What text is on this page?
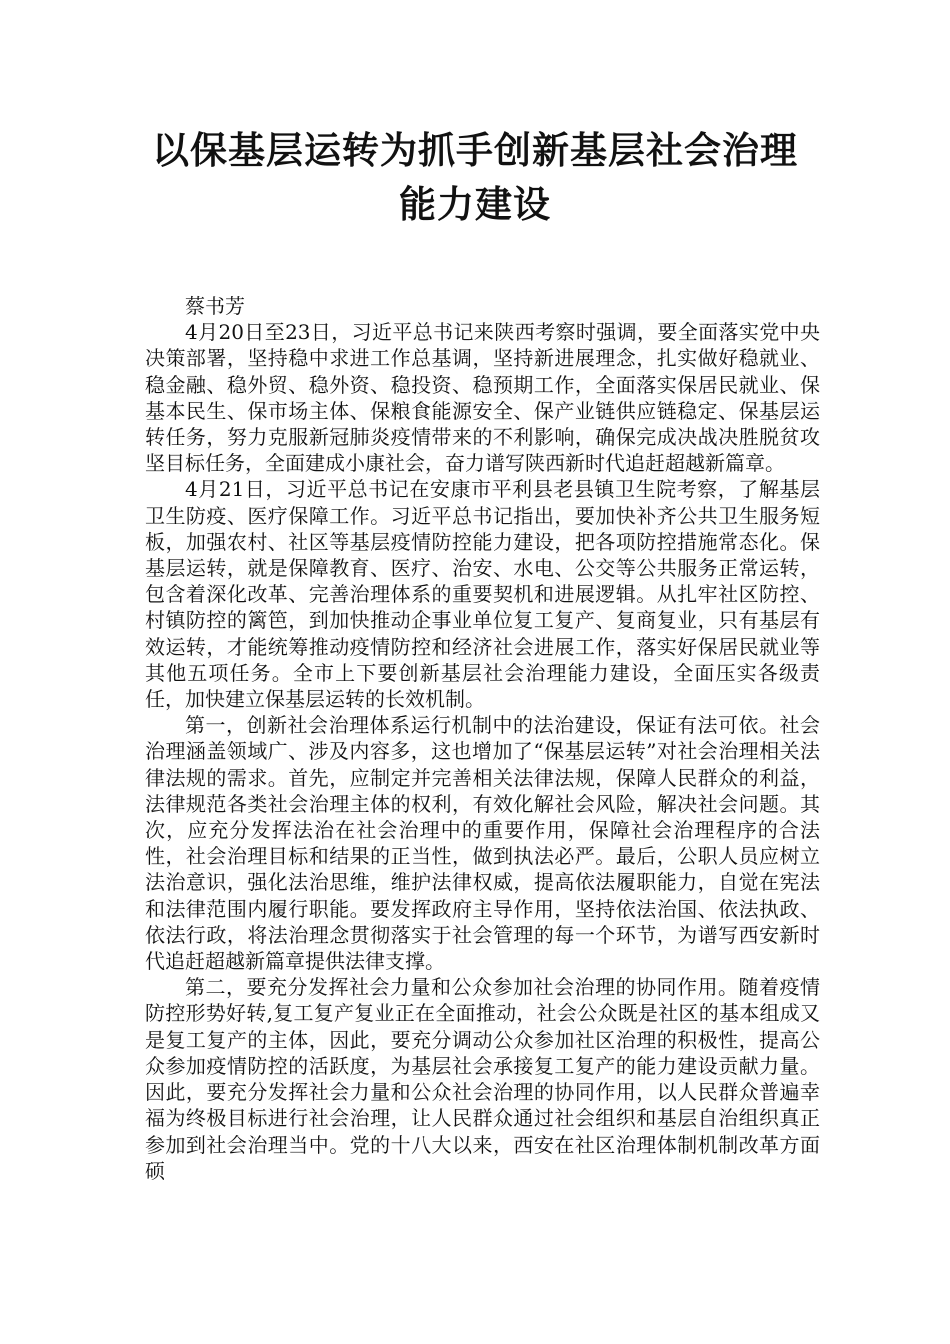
以保基层运转为抓手创新基层社会治理
能力建设

蔡书芳

4月20日至23日，习近平总书记来陕西考察时强调，要全面落实党中央决策部署，坚持稳中求进工作总基调，坚持新进展理念，扎实做好稳就业、稳金融、稳外贸、稳外资、稳投资、稳预期工作，全面落实保居民就业、保基本民生、保市场主体、保粮食能源安全、保产业链供应链稳定、保基层运转任务，努力克服新冠肺炎疫情带来的不利影响，确保完成决战决胜脱贫攻坚目标任务，全面建成小康社会，奋力谱写陕西新时代追赶超越新篇章。

4月21日，习近平总书记在安康市平利县老县镇卫生院考察，了解基层卫生防疫、医疗保障工作。习近平总书记指出，要加快补齐公共卫生服务短板，加强农村、社区等基层疫情防控能力建设，把各项防控措施常态化。保基层运转，就是保障教育、医疗、治安、水电、公交等公共服务正常运转，包含着深化改革、完善治理体系的重要契机和进展逻辑。从扎牢社区防控、村镇防控的篱笆，到加快推动企事业单位复工复产、复商复业，只有基层有效运转，才能统筹推动疫情防控和经济社会进展工作，落实好保居民就业等其他五项任务。全市上下要创新基层社会治理能力建设，全面压实各级责任，加快建立保基层运转的长效机制。

第一，创新社会治理体系运行机制中的法治建设，保证有法可依。社会治理涵盖领域广、涉及内容多，这也增加了“保基层运转”对社会治理相关法律法规的需求。首先，应制定并完善相关法律法规，保障人民群众的利益，法律规范各类社会治理主体的权利，有效化解社会风险，解决社会问题。其次，应充分发挥法治在社会治理中的重要作用，保障社会治理程序的合法性，社会治理目标和结果的正当性，做到执法必严。最后，公职人员应树立法治意识，强化法治思维，维护法律权威，提高依法履职能力，自觉在宪法和法律范围内履行职能。要发挥政府主导作用，坚持依法治国、依法执政、依法行政，将法治理念贯彻落实于社会管理的每一个环节，为谱写西安新时代追赶超越新篇章提供法律支撑。

第二，要充分发挥社会力量和公众参加社会治理的协同作用。随着疫情防控形势好转,复工复产复业正在全面推动，社会公众既是社区的基本组成又是复工复产的主体，因此，要充分调动公众参加社区治理的积极性，提高公众参加疫情防控的活跃度，为基层社会承接复工复产的能力建设贡献力量。因此，要充分发挥社会力量和公众社会治理的协同作用，以人民群众普遍幸福为终极目标进行社会治理，让人民群众通过社会组织和基层自治组织真正参加到社会治理当中。党的十八大以来，西安在社区治理体制机制改革方面硕
